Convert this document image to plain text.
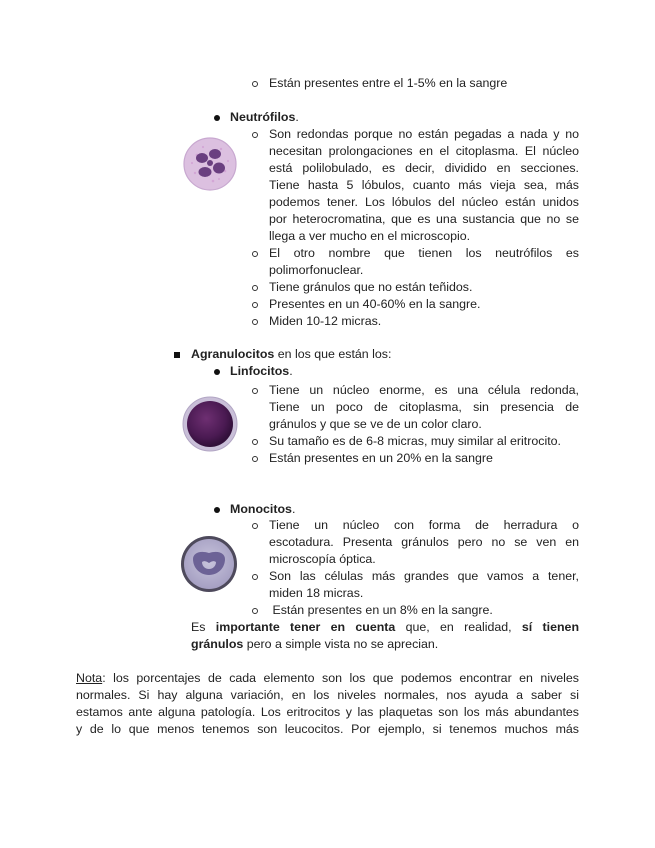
Están presentes entre el 1-5% en la sangre
Neutrófilos.
Son redondas porque no están pegadas a nada y no
necesitan prolongaciones en el citoplasma. El núcleo
está polilobulado, es decir, dividido en secciones.
Tiene hasta 5 lóbulos, cuanto más vieja sea, más
podemos tener. Los lóbulos del núcleo están unidos
por heterocromatina, que es una sustancia que no se
llega a ver mucho en el microscopio.
El otro nombre que tienen los neutrófilos es
polimorfonuclear.
Tiene gránulos que no están teñidos.
Presentes en un 40-60% en la sangre.
Miden 10-12 micras.
Agranulocitos en los que están los:
Linfocitos.
Tiene un núcleo enorme, es una célula redonda,
Tiene un poco de citoplasma, sin presencia de
gránulos y que se ve de un color claro.
Su tamaño es de 6-8 micras, muy similar al eritrocito.
Están presentes en un 20% en la sangre
Monocitos.
Tiene un núcleo con forma de herradura o
escotadura. Presenta gránulos pero no se ven en
microscopía óptica.
Son las células más grandes que vamos a tener,
miden 18 micras.
Están presentes en un 8% en la sangre.
Es importante tener en cuenta que, en realidad, sí tienen
gránulos pero a simple vista no se aprecian.
Nota: los porcentajes de cada elemento son los que podemos encontrar en niveles
normales. Si hay alguna variación, en los niveles normales, nos ayuda a saber si
estamos ante alguna patología. Los eritrocitos y las plaquetas son los más abundantes
y de lo que menos tenemos son leucocitos. Por ejemplo, si tenemos muchos más
